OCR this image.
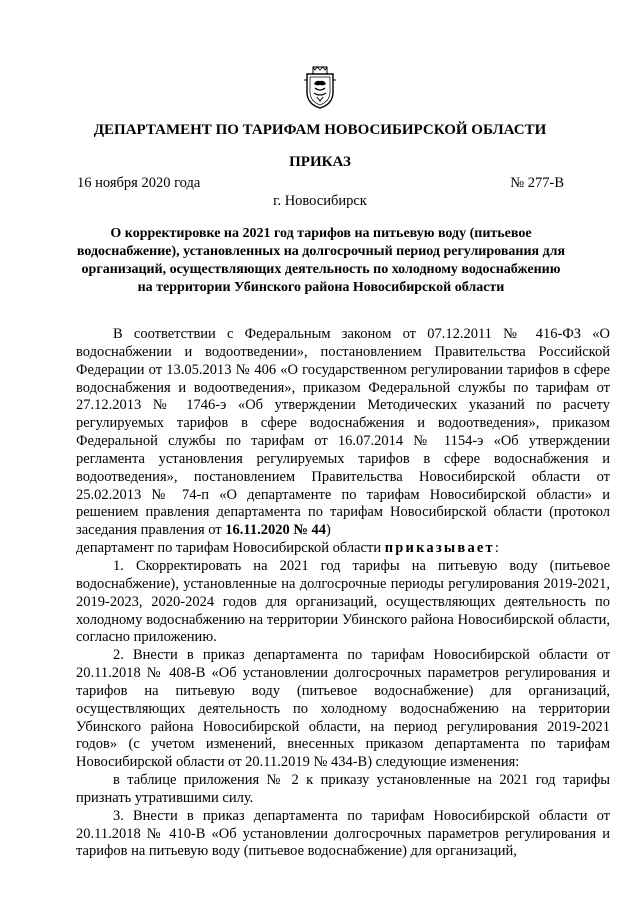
ДЕПАРТАМЕНТ ПО ТАРИФАМ НОВОСИБИРСКОЙ ОБЛАСТИ
ПРИКАЗ
16 ноября 2020 года	№ 277-В
г. Новосибирск
О корректировке на 2021 год тарифов на питьевую воду (питьевое водоснабжение), установленных на долгосрочный период регулирования для организаций, осуществляющих деятельность по холодному водоснабжению на территории Убинского района Новосибирской области

В соответствии с Федеральным законом от 07.12.2011 № 416-ФЗ «О водоснабжении и водоотведении», постановлением Правительства Российской Федерации от 13.05.2013 № 406 «О государственном регулировании тарифов в сфере водоснабжения и водоотведения», приказом Федеральной службы по тарифам от 27.12.2013 № 1746-э «Об утверждении Методических указаний по расчету регулируемых тарифов в сфере водоснабжения и водоотведения», приказом Федеральной службы по тарифам от 16.07.2014 № 1154-э «Об утверждении регламента установления регулируемых тарифов в сфере водоснабжения и водоотведения», постановлением Правительства Новосибирской области от 25.02.2013 № 74-п «О департаменте по тарифам Новосибирской области» и решением правления департамента по тарифам Новосибирской области (протокол заседания правления от 16.11.2020 № 44)

департамент по тарифам Новосибирской области приказывает:

1. Скорректировать на 2021 год тарифы на питьевую воду (питьевое водоснабжение), установленные на долгосрочные периоды регулирования 2019-2021, 2019-2023, 2020-2024 годов для организаций, осуществляющих деятельность по холодному водоснабжению на территории Убинского района Новосибирской области, согласно приложению.

2. Внести в приказ департамента по тарифам Новосибирской области от 20.11.2018 № 408-В «Об установлении долгосрочных параметров регулирования и тарифов на питьевую воду (питьевое водоснабжение) для организаций, осуществляющих деятельность по холодному водоснабжению на территории Убинского района Новосибирской области, на период регулирования 2019-2021 годов» (с учетом изменений, внесенных приказом департамента по тарифам Новосибирской области от 20.11.2019 № 434-В) следующие изменения:

в таблице приложения № 2 к приказу установленные на 2021 год тарифы признать утратившими силу.

3. Внести в приказ департамента по тарифам Новосибирской области от 20.11.2018 № 410-В «Об установлении долгосрочных параметров регулирования и тарифов на питьевую воду (питьевое водоснабжение) для организаций,
